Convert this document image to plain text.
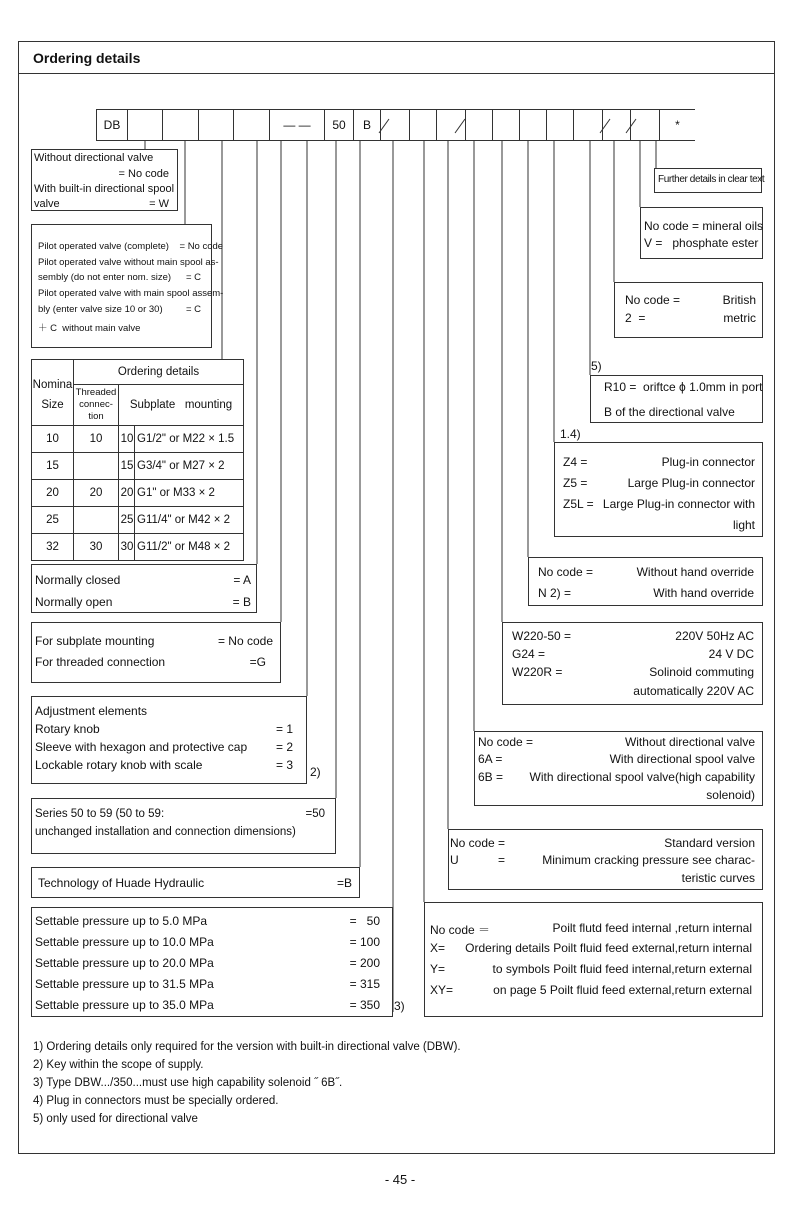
Ordering details
DB	— —	50	B	*
Further details in clear text
No code = mineral oils
V =   phosphate ester
No code =	British
2  =	metric
5)
R10 =  oriftce ϕ 1.0mm in port
B of the directional valve
1.4)
Z4 =	Plug-in connector
Z5 =	Large Plug-in connector
Z5L = Large Plug-in connector with
light
No code =	Without hand override
N 2) =	With hand override
W220-50 =	220V 50Hz AC
G24 =	24 V DC
W220R =	Solinoid commuting
automatically 220V AC
No code =	Without directional valve
6A =	With directional spool valve
6B = With directional spool valve(high capability
solenoid)
No code =	Standard version
U	=	Minimum cracking pressure see charac-
teristic curves
No code ＝	Poilt flutd feed internal ,return internal
X= Ordering details Poilt fluid feed external,return internal
Y=	to symbols Poilt fluid feed internal,return external
XY=	on page 5 Poilt fluid feed external,return external
Without directional valve
= No code
With built-in directional spool
valve	= W
Pilot operated valve (complete)    = No code
Pilot operated valve without main spool as-
sembly (do not enter nom. size) = C
Pilot operated valve with main spool assem-
bly (enter valve size 10 or 30) = C
＋ C  without main valve
Nomina
Size	Ordering details		
	Threaded connec- tion	Subplate   mounting	
10	10	10	G1/2" or M22 × 1.5
15		15	G3/4" or M27 × 2
20	20	20	G1" or M33 × 2
25		25	G11/4" or M42 × 2
32	30	30	G11/2" or M48 × 2
Normally closed	= A
Normally open	= B
For subplate mounting	= No code
For threaded connection	=G
Adjustment elements
Rotary knob	= 1
Sleeve with hexagon and protective cap = 2
Lockable rotary knob with scale	= 3 2)
Series 50 to 59 (50 to 59:	=50
unchanged installation and connection dimensions)
Technology of Huade Hydraulic	=B
Settable pressure up to 5.0 MPa	=   50
Settable pressure up to 10.0 MPa	= 100
Settable pressure up to 20.0 MPa	= 200
Settable pressure up to 31.5 MPa	= 315
Settable pressure up to 35.0 MPa	= 350 3)
1) Ordering details only required for the version with built-in directional valve (DBW).
2) Key within the scope of supply.
3) Type DBW.../350...must use high capability solenoid ˝ 6B˝.
4) Plug in connectors must be specially ordered.
5) only used for directional valve
- 45 -
